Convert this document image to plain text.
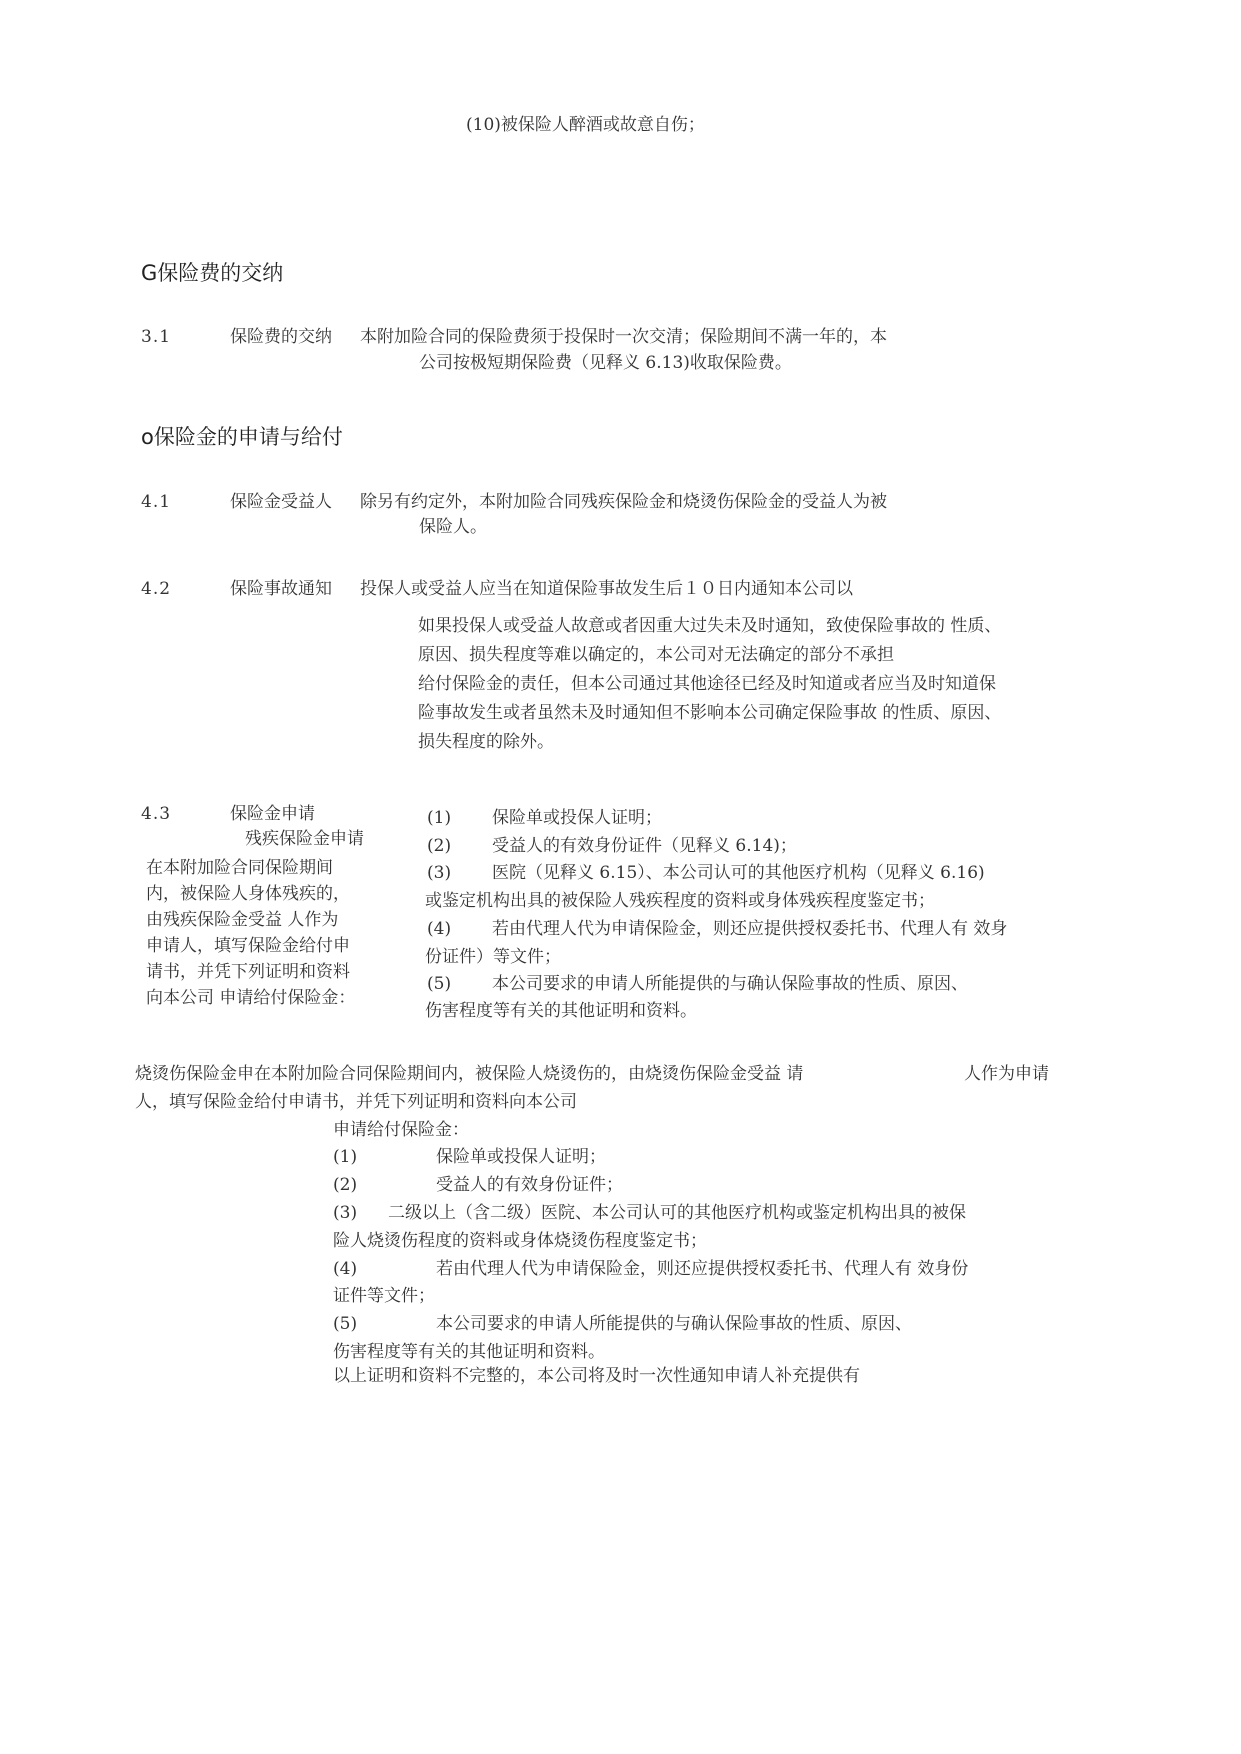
(10)被保险人醉酒或故意自伤；
G保险费的交纳
3.1	保险费的交纳 本附加险合同的保险费须于投保时一次交清；保险期间不满一年的，本
公司按极短期保险费（见释义 6.13)收取保险费。
o保险金的申请与给付
4.1	保险金受益人 除另有约定外，本附加险合同残疾保险金和烧烫伤保险金的受益人为被
保险人。
4.2	保险事故通知 投保人或受益人应当在知道保险事故发生后１０日内通知本公司以
如果投保人或受益人故意或者因重大过失未及时通知，致使保险事故的 性质、
原因、损失程度等难以确定的，本公司对无法确定的部分不承担
给付保险金的责任，但本公司通过其他途径已经及时知道或者应当及时知道保
险事故发生或者虽然未及时通知但不影响本公司确定保险事故 的性质、原因、
损失程度的除外。
4.3	保险金申请
残疾保险金申请
在本附加险合同保险期间
内，被保险人身体残疾的，
由残疾保险金受益 人作为
申请人，填写保险金给付申
请书，并凭下列证明和资料
向本公司 申请给付保险金：
(1) 保险单或投保人证明；
(2) 受益人的有效身份证件（见释义 6.14)；
(3) 医院（见释义 6.15）、本公司认可的其他医疗机构（见释义 6.16)
或鉴定机构出具的被保险人残疾程度的资料或身体残疾程度鉴定书；
(4) 若由代理人代为申请保险金，则还应提供授权委托书、代理人有 效身
份证件）等文件；
(5) 本公司要求的申请人所能提供的与确认保险事故的性质、原因、
伤害程度等有关的其他证明和资料。
烧烫伤保险金申在本附加险合同保险期间内，被保险人烧烫伤的，由烧烫伤保险金受益 请	人作为申请
人，填写保险金给付申请书，并凭下列证明和资料向本公司
申请给付保险金：
(1)	保险单或投保人证明；
(2)	受益人的有效身份证件；
(3) 二级以上（含二级）医院、本公司认可的其他医疗机构或鉴定机构出具的被保
险人烧烫伤程度的资料或身体烧烫伤程度鉴定书；
(4)	若由代理人代为申请保险金，则还应提供授权委托书、代理人有 效身份
证件等文件；
(5)	本公司要求的申请人所能提供的与确认保险事故的性质、原因、
伤害程度等有关的其他证明和资料。
以上证明和资料不完整的，本公司将及时一次性通知申请人补充提供有
